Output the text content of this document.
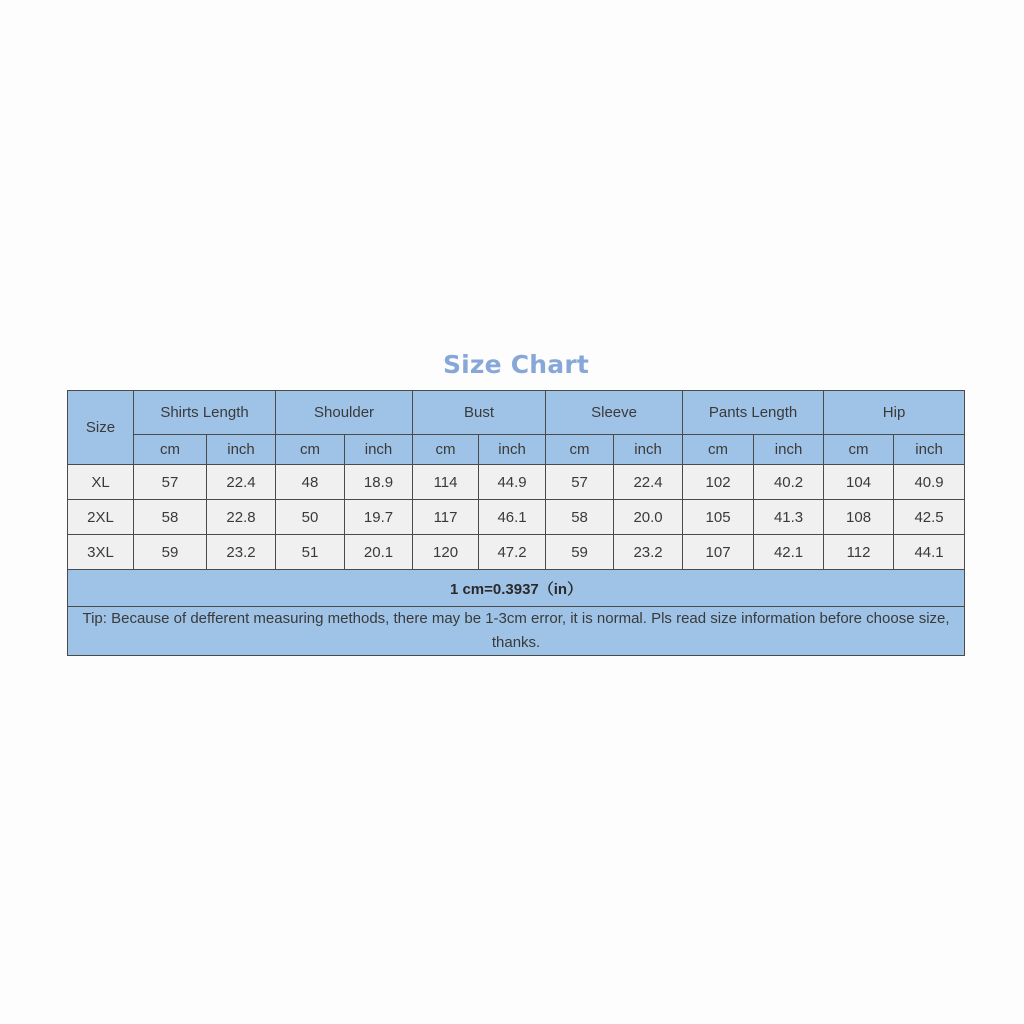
Size Chart
Size	Shirts Length		Shoulder		Bust		Sleeve		Pants Length		Hip	
	cm	inch	cm	inch	cm	inch	cm	inch	cm	inch	cm	inch
XL	57	22.4	48	18.9	114	44.9	57	22.4	102	40.2	104	40.9
2XL	58	22.8	50	19.7	117	46.1	58	20.0	105	41.3	108	42.5
3XL	59	23.2	51	20.1	120	47.2	59	23.2	107	42.1	112	44.1
1 cm=0.3937（in）												
Tip: Because of defferent measuring methods, there may be 1-3cm error, it is normal. Pls read size information before choose size, thanks.												
